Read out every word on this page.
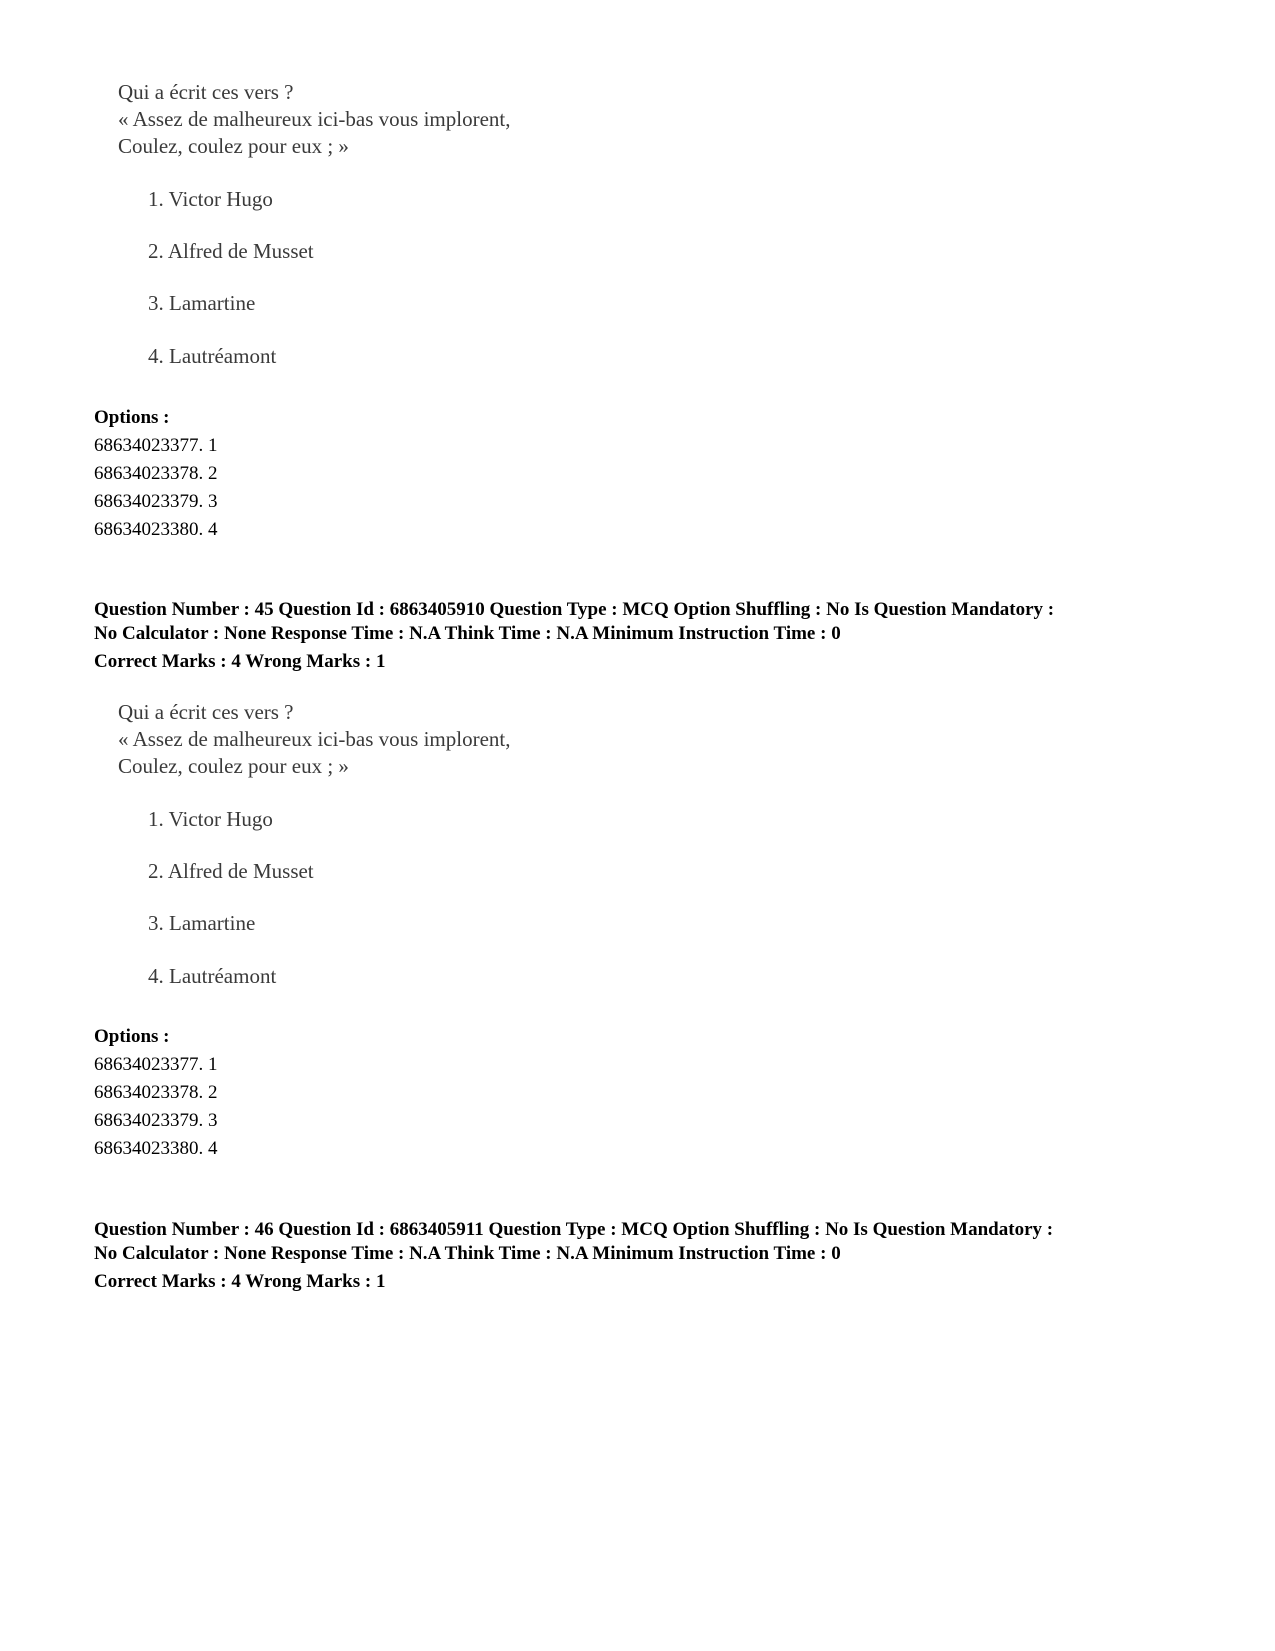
Qui a écrit ces vers ?
« Assez de malheureux ici-bas vous implorent,
Coulez, coulez pour eux ; »
1. Victor Hugo
2. Alfred de Musset
3. Lamartine
4. Lautréamont
Options :
68634023377. 1
68634023378. 2
68634023379. 3
68634023380. 4
Question Number : 45 Question Id : 6863405910 Question Type : MCQ Option Shuffling : No Is Question Mandatory :
No Calculator : None Response Time : N.A Think Time : N.A Minimum Instruction Time : 0
Correct Marks : 4 Wrong Marks : 1
Qui a écrit ces vers ?
« Assez de malheureux ici-bas vous implorent,
Coulez, coulez pour eux ; »
1. Victor Hugo
2. Alfred de Musset
3. Lamartine
4. Lautréamont
Options :
68634023377. 1
68634023378. 2
68634023379. 3
68634023380. 4
Question Number : 46 Question Id : 6863405911 Question Type : MCQ Option Shuffling : No Is Question Mandatory :
No Calculator : None Response Time : N.A Think Time : N.A Minimum Instruction Time : 0
Correct Marks : 4 Wrong Marks : 1
